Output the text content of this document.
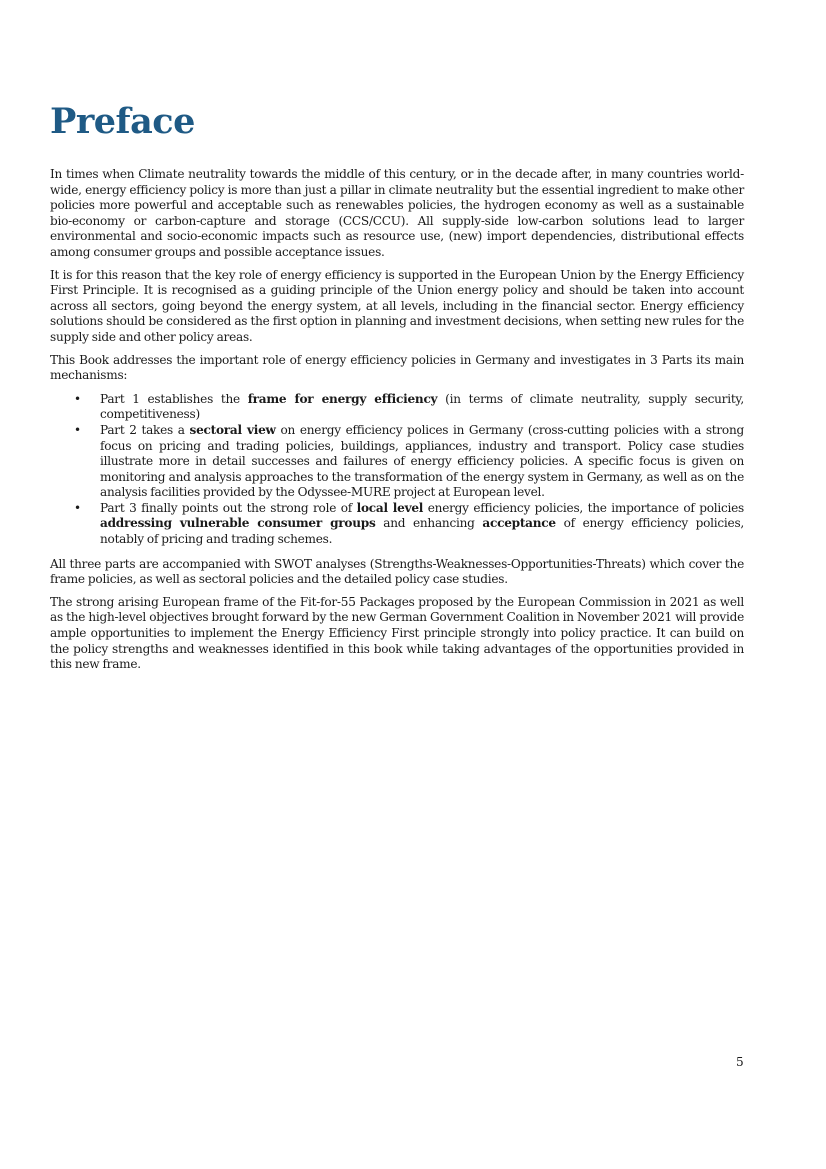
Preface

In times when Climate neutrality towards the middle of this century, or in the decade after, in many countries world-wide, energy efficiency policy is more than just a pillar in climate neutrality but the essential ingredient to make other policies more powerful and acceptable such as renewables policies, the hydrogen economy as well as a sustainable bio-economy or carbon-capture and storage (CCS/CCU). All supply-side low-carbon solutions lead to larger environmental and socio-economic impacts such as resource use, (new) import dependencies, distributional effects among consumer groups and possible acceptance issues.

It is for this reason that the key role of energy efficiency is supported in the European Union by the Energy Efficiency First Principle. It is recognised as a guiding principle of the Union energy policy and should be taken into account across all sectors, going beyond the energy system, at all levels, including in the financial sector. Energy efficiency solutions should be considered as the first option in planning and investment decisions, when setting new rules for the supply side and other policy areas.

This Book addresses the important role of energy efficiency policies in Germany and investigates in 3 Parts its main mechanisms:

• Part 1 establishes the frame for energy efficiency (in terms of climate neutrality, supply security, competitiveness)
• Part 2 takes a sectoral view on energy efficiency polices in Germany (cross-cutting policies with a strong focus on pricing and trading policies, buildings, appliances, industry and transport. Policy case studies illustrate more in detail successes and failures of energy efficiency policies. A specific focus is given on monitoring and analysis approaches to the transformation of the energy system in Germany, as well as on the analysis facilities provided by the Odyssee-MURE project at European level.
• Part 3 finally points out the strong role of local level energy efficiency policies, the importance of policies addressing vulnerable consumer groups and enhancing acceptance of energy efficiency policies, notably of pricing and trading schemes.

All three parts are accompanied with SWOT analyses (Strengths-Weaknesses-Opportunities-Threats) which cover the frame policies, as well as sectoral policies and the detailed policy case studies.

The strong arising European frame of the Fit-for-55 Packages proposed by the European Commission in 2021 as well as the high-level objectives brought forward by the new German Government Coalition in November 2021 will provide ample opportunities to implement the Energy Efficiency First principle strongly into policy practice. It can build on the policy strengths and weaknesses identified in this book while taking advantages of the opportunities provided in this new frame.

5
